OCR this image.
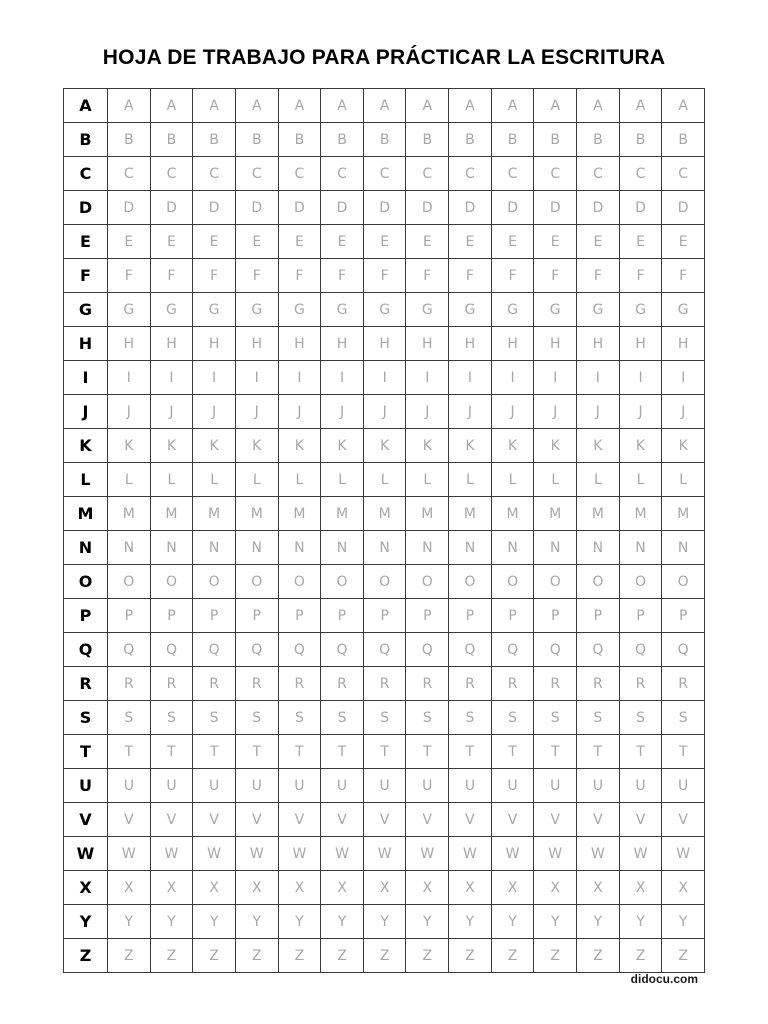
HOJA DE TRABAJO PARA PRÁCTICAR LA ESCRITURA
A	A	A	A	A	A	A	A	A	A	A	A	A	A	A
B	B	B	B	B	B	B	B	B	B	B	B	B	B	B
C	C	C	C	C	C	C	C	C	C	C	C	C	C	C
D	D	D	D	D	D	D	D	D	D	D	D	D	D	D
E	E	E	E	E	E	E	E	E	E	E	E	E	E	E
F	F	F	F	F	F	F	F	F	F	F	F	F	F	F
G	G	G	G	G	G	G	G	G	G	G	G	G	G	G
H	H	H	H	H	H	H	H	H	H	H	H	H	H	H
I	I	I	I	I	I	I	I	I	I	I	I	I	I	I
J	J	J	J	J	J	J	J	J	J	J	J	J	J	J
K	K	K	K	K	K	K	K	K	K	K	K	K	K	K
L	L	L	L	L	L	L	L	L	L	L	L	L	L	L
M	M	M	M	M	M	M	M	M	M	M	M	M	M	M
N	N	N	N	N	N	N	N	N	N	N	N	N	N	N
O	O	O	O	O	O	O	O	O	O	O	O	O	O	O
P	P	P	P	P	P	P	P	P	P	P	P	P	P	P
Q	Q	Q	Q	Q	Q	Q	Q	Q	Q	Q	Q	Q	Q	Q
R	R	R	R	R	R	R	R	R	R	R	R	R	R	R
S	S	S	S	S	S	S	S	S	S	S	S	S	S	S
T	T	T	T	T	T	T	T	T	T	T	T	T	T	T
U	U	U	U	U	U	U	U	U	U	U	U	U	U	U
V	V	V	V	V	V	V	V	V	V	V	V	V	V	V
W	W	W	W	W	W	W	W	W	W	W	W	W	W	W
X	X	X	X	X	X	X	X	X	X	X	X	X	X	X
Y	Y	Y	Y	Y	Y	Y	Y	Y	Y	Y	Y	Y	Y	Y
Z	Z	Z	Z	Z	Z	Z	Z	Z	Z	Z	Z	Z	Z	Z
didocu.com
